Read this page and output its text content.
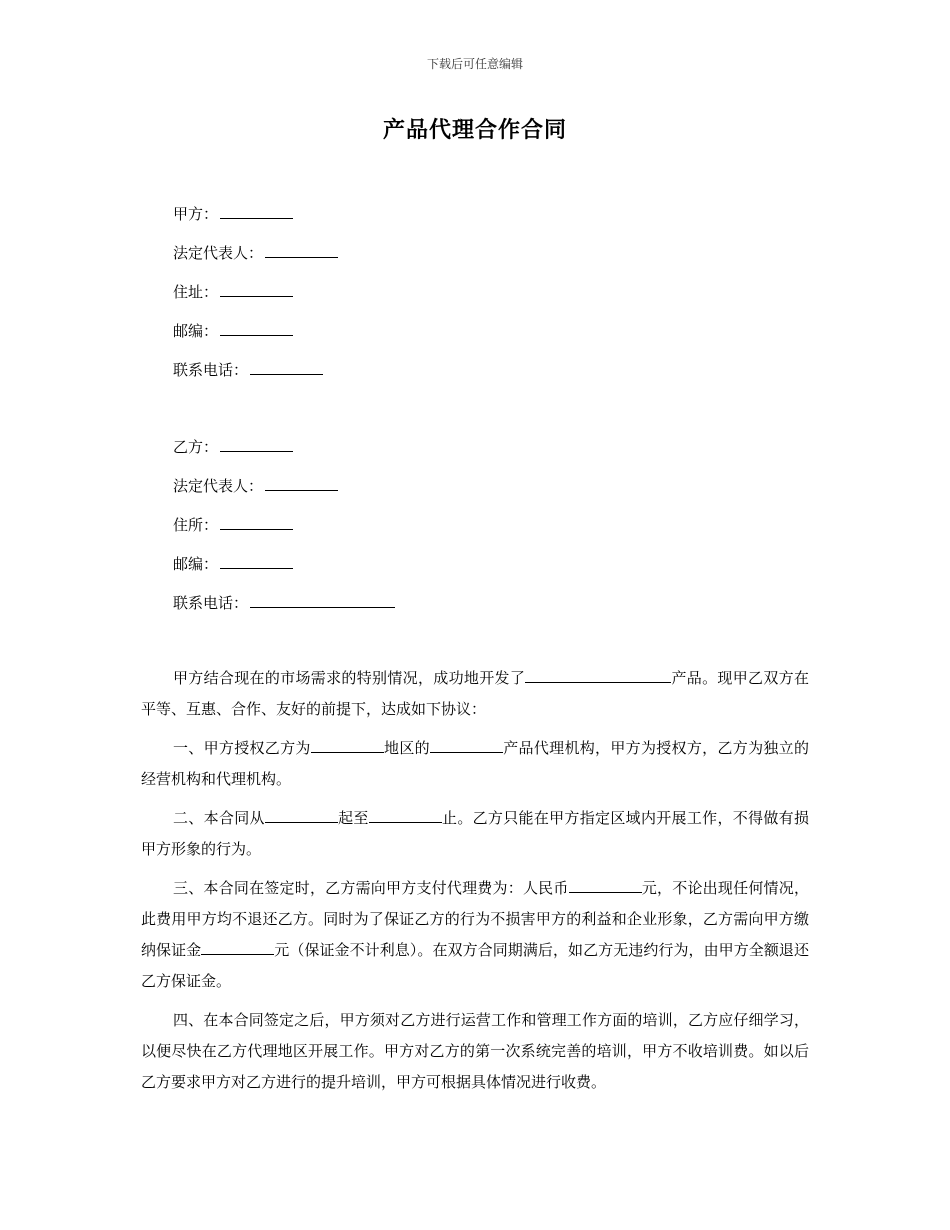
下载后可任意编辑
产品代理合作合同
甲方：
法定代表人：
住址：
邮编：
联系电话：
乙方：
法定代表人：
住所：
邮编：
联系电话：

甲方结合现在的市场需求的特别情况，成功地开发了	产品。现甲乙双方在平等、互惠、合作、友好的前提下，达成如下协议：

一、甲方授权乙方为	地区的	产品代理机构，甲方为授权方，乙方为独立的经营机构和代理机构。

二、本合同从	起至	止。乙方只能在甲方指定区域内开展工作，不得做有损甲方形象的行为。

三、本合同在签定时，乙方需向甲方支付代理费为：人民币	元，不论出现任何情况，此费用甲方均不退还乙方。同时为了保证乙方的行为不损害甲方的利益和企业形象，乙方需向甲方缴纳保证金	元（保证金不计利息）。在双方合同期满后，如乙方无违约行为，由甲方全额退还乙方保证金。

四、在本合同签定之后，甲方须对乙方进行运营工作和管理工作方面的培训，乙方应仔细学习，以便尽快在乙方代理地区开展工作。甲方对乙方的第一次系统完善的培训，甲方不收培训费。如以后乙方要求甲方对乙方进行的提升培训，甲方可根据具体情况进行收费。
